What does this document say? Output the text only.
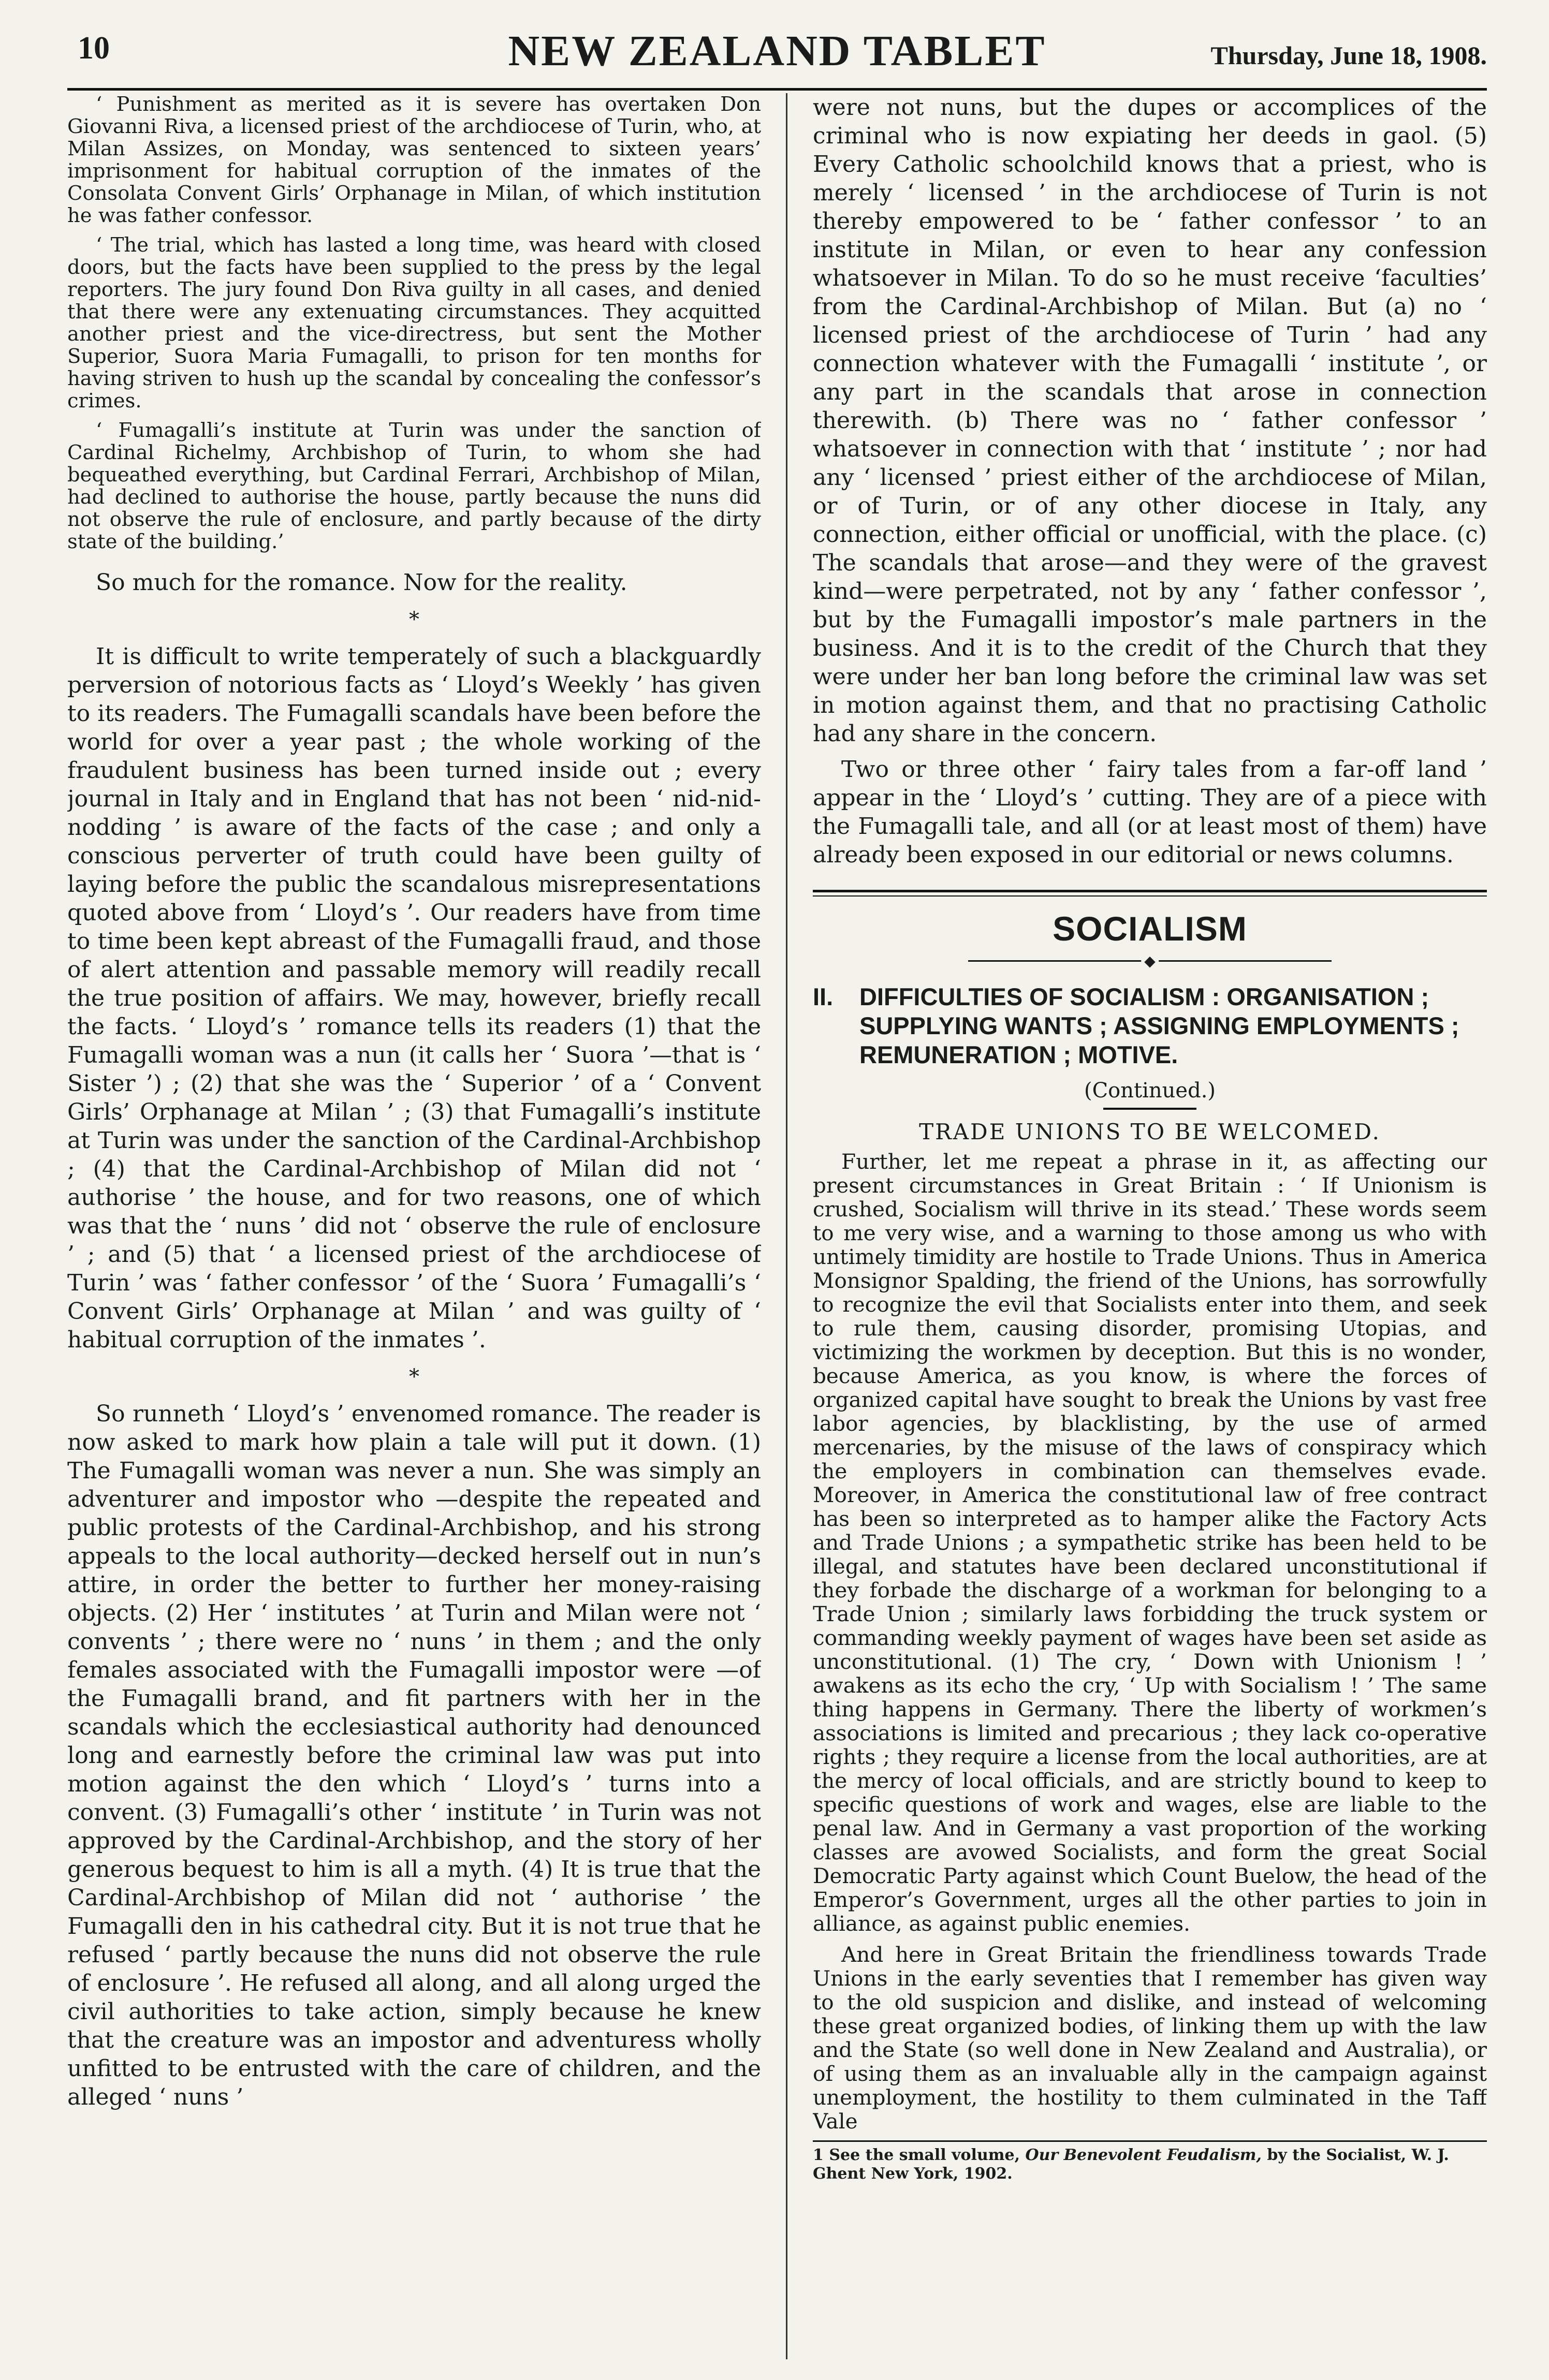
10	NEW ZEALAND TABLET	Thursday, June 18, 1908.

‘ Punishment as merited as it is severe has overtaken Don Giovanni Riva, a licensed priest of the archdiocese of Turin, who, at Milan Assizes, on Monday, was sentenced to sixteen years’ imprisonment for habitual corruption of the inmates of the Consolata Convent Girls’ Orphanage in Milan, of which institution he was father confessor.

‘ The trial, which has lasted a long time, was heard with closed doors, but the facts have been supplied to the press by the legal reporters. The jury found Don Riva guilty in all cases, and denied that there were any extenuating circumstances. They acquitted another priest and the vice-directress, but sent the Mother Superior, Suora Maria Fumagalli, to prison for ten months for having striven to hush up the scandal by concealing the confessor’s crimes.

‘ Fumagalli’s institute at Turin was under the sanction of Cardinal Richelmy, Archbishop of Turin, to whom she had bequeathed everything, but Cardinal Ferrari, Archbishop of Milan, had declined to authorise the house, partly because the nuns did not observe the rule of enclosure, and partly because of the dirty state of the building.’

So much for the romance. Now for the reality.

*

It is difficult to write temperately of such a blackguardly perversion of notorious facts as ‘ Lloyd’s Weekly ’ has given to its readers. The Fumagalli scandals have been before the world for over a year past ; the whole working of the fraudulent business has been turned inside out ; every journal in Italy and in England that has not been ‘ nid-nid-nodding ’ is aware of the facts of the case ; and only a conscious perverter of truth could have been guilty of laying before the public the scandalous misrepresentations quoted above from ‘ Lloyd’s ’. Our readers have from time to time been kept abreast of the Fumagalli fraud, and those of alert attention and passable memory will readily recall the true position of affairs. We may, however, briefly recall the facts. ‘ Lloyd’s ’ romance tells its readers (1) that the Fumagalli woman was a nun (it calls her ‘ Suora ’—that is ‘ Sister ’) ; (2) that she was the ‘ Superior ’ of a ‘ Convent Girls’ Orphanage at Milan ’ ; (3) that Fumagalli’s institute at Turin was under the sanction of the Cardinal-Archbishop ; (4) that the Cardinal-Archbishop of Milan did not ‘ authorise ’ the house, and for two reasons, one of which was that the ‘ nuns ’ did not ‘ observe the rule of enclosure ’ ; and (5) that ‘ a licensed priest of the archdiocese of Turin ’ was ‘ father confessor ’ of the ‘ Suora ’ Fumagalli’s ‘ Convent Girls’ Orphanage at Milan ’ and was guilty of ‘ habitual corruption of the inmates ’.

*

So runneth ‘ Lloyd’s ’ envenomed romance. The reader is now asked to mark how plain a tale will put it down. (1) The Fumagalli woman was never a nun. She was simply an adventurer and impostor who —despite the repeated and public protests of the Cardinal-Archbishop, and his strong appeals to the local authority—decked herself out in nun’s attire, in order the better to further her money-raising objects. (2) Her ‘ institutes ’ at Turin and Milan were not ‘ convents ’ ; there were no ‘ nuns ’ in them ; and the only females associated with the Fumagalli impostor were —of the Fumagalli brand, and fit partners with her in the scandals which the ecclesiastical authority had denounced long and earnestly before the criminal law was put into motion against the den which ‘ Lloyd’s ’ turns into a convent. (3) Fumagalli’s other ‘ institute ’ in Turin was not approved by the Cardinal-Archbishop, and the story of her generous bequest to him is all a myth. (4) It is true that the Cardinal-Archbishop of Milan did not ‘ authorise ’ the Fumagalli den in his cathedral city. But it is not true that he refused ‘ partly because the nuns did not observe the rule of enclosure ’. He refused all along, and all along urged the civil authorities to take action, simply because he knew that the creature was an impostor and adventuress wholly unfitted to be entrusted with the care of children, and the alleged ‘ nuns ’

were not nuns, but the dupes or accomplices of the criminal who is now expiating her deeds in gaol. (5) Every Catholic schoolchild knows that a priest, who is merely ‘ licensed ’ in the archdiocese of Turin is not thereby empowered to be ‘ father confessor ’ to an institute in Milan, or even to hear any confession whatsoever in Milan. To do so he must receive ‘faculties’ from the Cardinal-Archbishop of Milan. But (a) no ‘ licensed priest of the archdiocese of Turin ’ had any connection whatever with the Fumagalli ‘ institute ’, or any part in the scandals that arose in connection therewith. (b) There was no ‘ father confessor ’ whatsoever in connection with that ‘ institute ’ ; nor had any ‘ licensed ’ priest either of the archdiocese of Milan, or of Turin, or of any other diocese in Italy, any connection, either official or unofficial, with the place. (c) The scandals that arose—and they were of the gravest kind—were perpetrated, not by any ‘ father confessor ’, but by the Fumagalli impostor’s male partners in the business. And it is to the credit of the Church that they were under her ban long before the criminal law was set in motion against them, and that no practising Catholic had any share in the concern.

Two or three other ‘ fairy tales from a far-off land ’ appear in the ‘ Lloyd’s ’ cutting. They are of a piece with the Fumagalli tale, and all (or at least most of them) have already been exposed in our editorial or news columns.

SOCIALISM
◆
II.	DIFFICULTIES OF SOCIALISM : ORGANISATION ; SUPPLYING WANTS ; ASSIGNING EMPLOYMENTS ; REMUNERATION ; MOTIVE.
(Continued.)
TRADE UNIONS TO BE WELCOMED.

Further, let me repeat a phrase in it, as affecting our present circumstances in Great Britain : ‘ If Unionism is crushed, Socialism will thrive in its stead.’ These words seem to me very wise, and a warning to those among us who with untimely timidity are hostile to Trade Unions. Thus in America Monsignor Spalding, the friend of the Unions, has sorrowfully to recognize the evil that Socialists enter into them, and seek to rule them, causing disorder, promising Utopias, and victimizing the workmen by deception. But this is no wonder, because America, as you know, is where the forces of organized capital have sought to break the Unions by vast free labor agencies, by blacklisting, by the use of armed mercenaries, by the misuse of the laws of conspiracy which the employers in combination can themselves evade. Moreover, in America the constitutional law of free contract has been so interpreted as to hamper alike the Factory Acts and Trade Unions ; a sympathetic strike has been held to be illegal, and statutes have been declared unconstitutional if they forbade the discharge of a workman for belonging to a Trade Union ; similarly laws forbidding the truck system or commanding weekly payment of wages have been set aside as unconstitutional. (1) The cry, ‘ Down with Unionism ! ’ awakens as its echo the cry, ‘ Up with Socialism ! ’ The same thing happens in Germany. There the liberty of workmen’s associations is limited and precarious ; they lack co-operative rights ; they require a license from the local authorities, are at the mercy of local officials, and are strictly bound to keep to specific questions of work and wages, else are liable to the penal law. And in Germany a vast proportion of the working classes are avowed Socialists, and form the great Social Democratic Party against which Count Buelow, the head of the Emperor’s Government, urges all the other parties to join in alliance, as against public enemies.

And here in Great Britain the friendliness towards Trade Unions in the early seventies that I remember has given way to the old suspicion and dislike, and instead of welcoming these great organized bodies, of linking them up with the law and the State (so well done in New Zealand and Australia), or of using them as an invaluable ally in the campaign against unemployment, the hostility to them culminated in the Taff Vale

1 See the small volume, Our Benevolent Feudalism, by the Socialist, W. J. Ghent New York, 1902.
